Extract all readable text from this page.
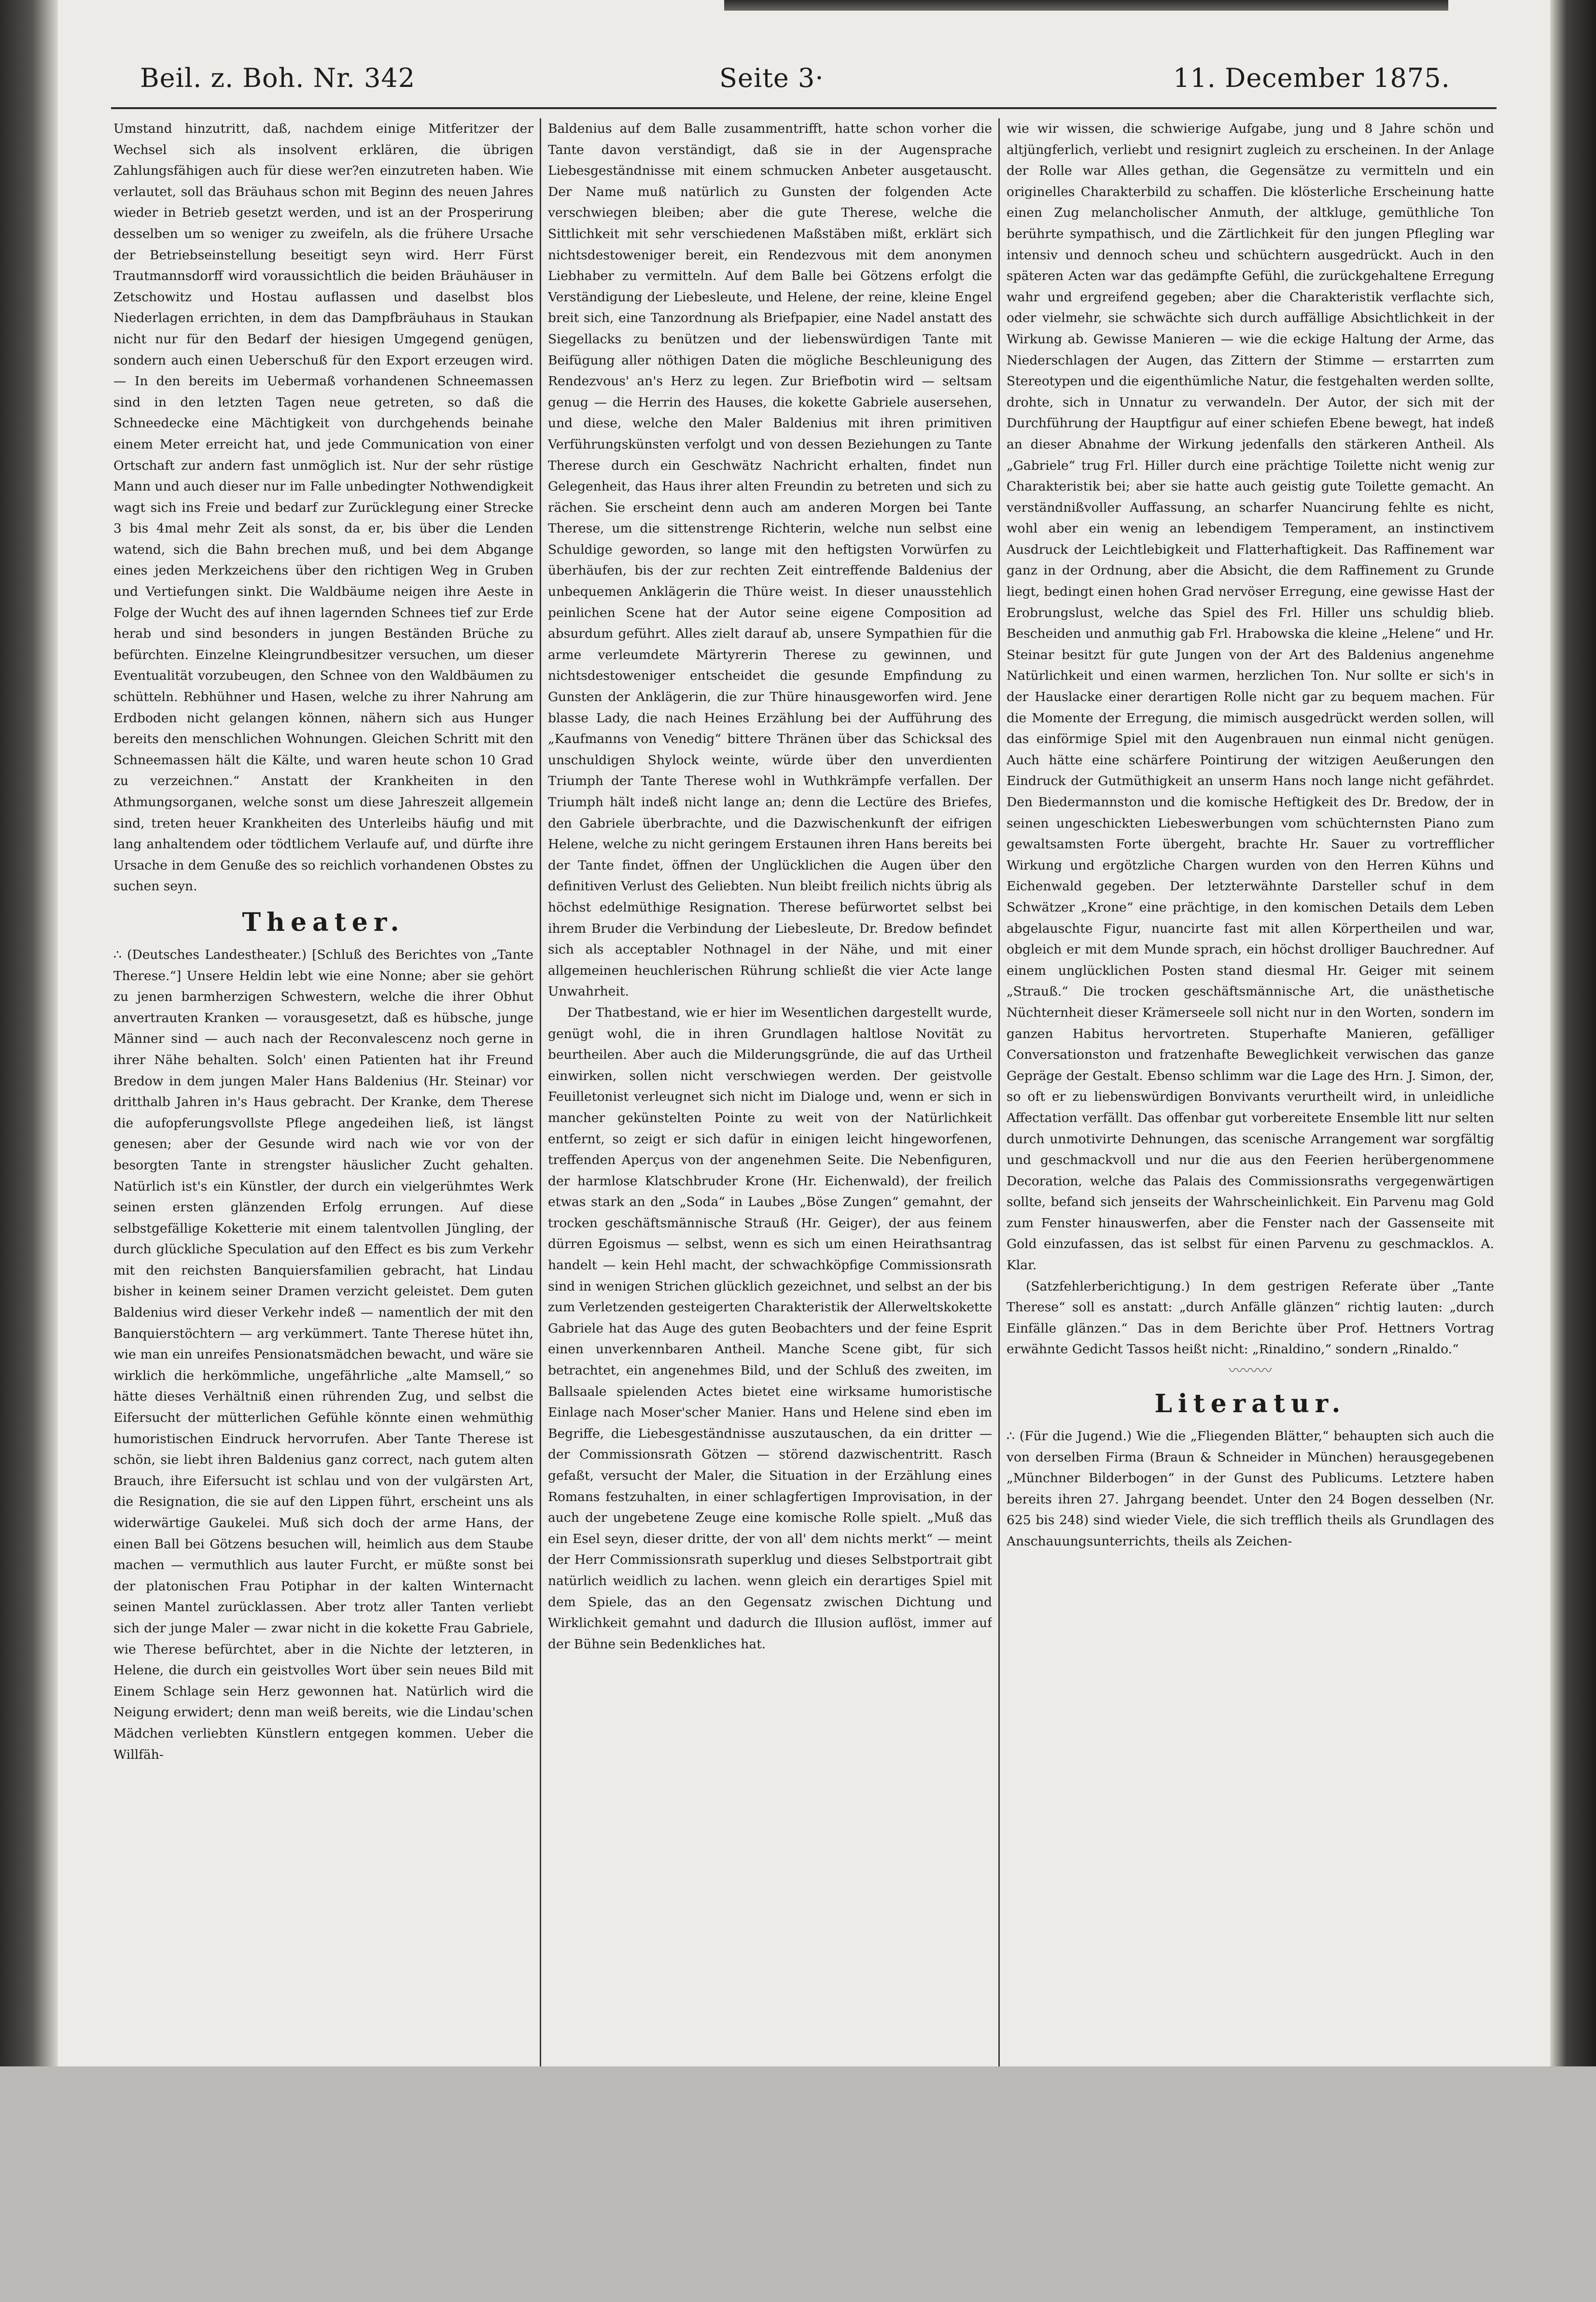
Beil. z. Boh. Nr. 342	Seite 3·	11. December 1875.

Umstand hinzutritt, daß, nachdem einige Mitferitzer der Wechsel sich als insolvent erklären, die übrigen Zahlungsfähigen auch für diese wer?en einzutreten haben. Wie verlautet, soll das Bräuhaus schon mit Beginn des neuen Jahres wieder in Betrieb gesetzt werden, und ist an der Prosperirung desselben um so weniger zu zweifeln, als die frühere Ursache der Betriebseinstellung beseitigt seyn wird. Herr Fürst Trautmannsdorff wird voraussichtlich die beiden Bräuhäuser in Zetschowitz und Hostau auflassen und daselbst blos Niederlagen errichten, in dem das Dampfbräuhaus in Staukan nicht nur für den Bedarf der hiesigen Umgegend genügen, sondern auch einen Ueberschuß für den Export erzeugen wird. — In den bereits im Uebermaß vorhandenen Schneemassen sind in den letzten Tagen neue getreten, so daß die Schneedecke eine Mächtigkeit von durchgehends beinahe einem Meter erreicht hat, und jede Communication von einer Ortschaft zur andern fast unmöglich ist. Nur der sehr rüstige Mann und auch dieser nur im Falle unbedingter Nothwendigkeit wagt sich ins Freie und bedarf zur Zurücklegung einer Strecke 3 bis 4mal mehr Zeit als sonst, da er, bis über die Lenden watend, sich die Bahn brechen muß, und bei dem Abgange eines jeden Merkzeichens über den richtigen Weg in Gruben und Vertiefungen sinkt. Die Waldbäume neigen ihre Aeste in Folge der Wucht des auf ihnen lagernden Schnees tief zur Erde herab und sind besonders in jungen Beständen Brüche zu befürchten. Einzelne Kleingrundbesitzer versuchen, um dieser Eventualität vorzubeugen, den Schnee von den Waldbäumen zu schütteln. Rebhühner und Hasen, welche zu ihrer Nahrung am Erdboden nicht gelangen können, nähern sich aus Hunger bereits den menschlichen Wohnungen. Gleichen Schritt mit den Schneemassen hält die Kälte, und waren heute schon 10 Grad zu verzeichnen.“ Anstatt der Krankheiten in den Athmungsorganen, welche sonst um diese Jahreszeit allgemein sind, treten heuer Krankheiten des Unterleibs häufig und mit lang anhaltendem oder tödtlichem Verlaufe auf, und dürfte ihre Ursache in dem Genuße des so reichlich vorhandenen Obstes zu suchen seyn.

Theater.

∴ (Deutsches Landestheater.) [Schluß des Berichtes von „Tante Therese.“] Unsere Heldin lebt wie eine Nonne; aber sie gehört zu jenen barmherzigen Schwestern, welche die ihrer Obhut anvertrauten Kranken — vorausgesetzt, daß es hübsche, junge Männer sind — auch nach der Reconvalescenz noch gerne in ihrer Nähe behalten. Solch' einen Patienten hat ihr Freund Bredow in dem jungen Maler Hans Baldenius (Hr. Steinar) vor dritthalb Jahren in's Haus gebracht. Der Kranke, dem Therese die aufopferungsvollste Pflege angedeihen ließ, ist längst genesen; aber der Gesunde wird nach wie vor von der besorgten Tante in strengster häuslicher Zucht gehalten. Natürlich ist's ein Künstler, der durch ein vielgerühmtes Werk seinen ersten glänzenden Erfolg errungen. Auf diese selbstgefällige Koketterie mit einem talentvollen Jüngling, der durch glückliche Speculation auf den Effect es bis zum Verkehr mit den reichsten Banquiersfamilien gebracht, hat Lindau bisher in keinem seiner Dramen verzicht geleistet. Dem guten Baldenius wird dieser Verkehr indeß — namentlich der mit den Banquierstöchtern — arg verkümmert. Tante Therese hütet ihn, wie man ein unreifes Pensionatsmädchen bewacht, und wäre sie wirklich die herkömmliche, ungefährliche „alte Mamsell,“ so hätte dieses Verhältniß einen rührenden Zug, und selbst die Eifersucht der mütterlichen Gefühle könnte einen wehmüthig humoristischen Eindruck hervorrufen. Aber Tante Therese ist schön, sie liebt ihren Baldenius ganz correct, nach gutem alten Brauch, ihre Eifersucht ist schlau und von der vulgärsten Art, die Resignation, die sie auf den Lippen führt, erscheint uns als widerwärtige Gaukelei. Muß sich doch der arme Hans, der einen Ball bei Götzens besuchen will, heimlich aus dem Staube machen — vermuthlich aus lauter Furcht, er müßte sonst bei der platonischen Frau Potiphar in der kalten Winternacht seinen Mantel zurücklassen. Aber trotz aller Tanten verliebt sich der junge Maler — zwar nicht in die kokette Frau Gabriele, wie Therese befürchtet, aber in die Nichte der letzteren, in Helene, die durch ein geistvolles Wort über sein neues Bild mit Einem Schlage sein Herz gewonnen hat. Natürlich wird die Neigung erwidert; denn man weiß bereits, wie die Lindau'schen Mädchen verliebten Künstlern entgegen kommen. Ueber die Willfäh-

Baldenius auf dem Balle zusammentrifft, hatte schon vorher die Tante davon verständigt, daß sie in der Augensprache Liebesgeständnisse mit einem schmucken Anbeter ausgetauscht. Der Name muß natürlich zu Gunsten der folgenden Acte verschwiegen bleiben; aber die gute Therese, welche die Sittlichkeit mit sehr verschiedenen Maßstäben mißt, erklärt sich nichtsdestoweniger bereit, ein Rendezvous mit dem anonymen Liebhaber zu vermitteln. Auf dem Balle bei Götzens erfolgt die Verständigung der Liebesleute, und Helene, der reine, kleine Engel breit sich, eine Tanzordnung als Briefpapier, eine Nadel anstatt des Siegellacks zu benützen und der liebenswürdigen Tante mit Beifügung aller nöthigen Daten die mögliche Beschleunigung des Rendezvous' an's Herz zu legen. Zur Briefbotin wird — seltsam genug — die Herrin des Hauses, die kokette Gabriele ausersehen, und diese, welche den Maler Baldenius mit ihren primitiven Verführungskünsten verfolgt und von dessen Beziehungen zu Tante Therese durch ein Geschwätz Nachricht erhalten, findet nun Gelegenheit, das Haus ihrer alten Freundin zu betreten und sich zu rächen. Sie erscheint denn auch am anderen Morgen bei Tante Therese, um die sittenstrenge Richterin, welche nun selbst eine Schuldige geworden, so lange mit den heftigsten Vorwürfen zu überhäufen, bis der zur rechten Zeit eintreffende Baldenius der unbequemen Anklägerin die Thüre weist. In dieser unausstehlich peinlichen Scene hat der Autor seine eigene Composition ad absurdum geführt. Alles zielt darauf ab, unsere Sympathien für die arme verleumdete Märtyrerin Therese zu gewinnen, und nichtsdestoweniger entscheidet die gesunde Empfindung zu Gunsten der Anklägerin, die zur Thüre hinausgeworfen wird. Jene blasse Lady, die nach Heines Erzählung bei der Aufführung des „Kaufmanns von Venedig“ bittere Thränen über das Schicksal des unschuldigen Shylock weinte, würde über den unverdienten Triumph der Tante Therese wohl in Wuthkrämpfe verfallen. Der Triumph hält indeß nicht lange an; denn die Lectüre des Briefes, den Gabriele überbrachte, und die Dazwischenkunft der eifrigen Helene, welche zu nicht geringem Erstaunen ihren Hans bereits bei der Tante findet, öffnen der Unglücklichen die Augen über den definitiven Verlust des Geliebten. Nun bleibt freilich nichts übrig als höchst edelmüthige Resignation. Therese befürwortet selbst bei ihrem Bruder die Verbindung der Liebesleute, Dr. Bredow befindet sich als acceptabler Nothnagel in der Nähe, und mit einer allgemeinen heuchlerischen Rührung schließt die vier Acte lange Unwahrheit.

Der Thatbestand, wie er hier im Wesentlichen dargestellt wurde, genügt wohl, die in ihren Grundlagen haltlose Novität zu beurtheilen. Aber auch die Milderungsgründe, die auf das Urtheil einwirken, sollen nicht verschwiegen werden. Der geistvolle Feuilletonist verleugnet sich nicht im Dialoge und, wenn er sich in mancher gekünstelten Pointe zu weit von der Natürlichkeit entfernt, so zeigt er sich dafür in einigen leicht hingeworfenen, treffenden Aperçus von der angenehmen Seite. Die Nebenfiguren, der harmlose Klatschbruder Krone (Hr. Eichenwald), der freilich etwas stark an den „Soda“ in Laubes „Böse Zungen“ gemahnt, der trocken geschäftsmännische Strauß (Hr. Geiger), der aus feinem dürren Egoismus — selbst, wenn es sich um einen Heirathsantrag handelt — kein Hehl macht, der schwachköpfige Commissionsrath sind in wenigen Strichen glücklich gezeichnet, und selbst an der bis zum Verletzenden gesteigerten Charakteristik der Allerweltskokette Gabriele hat das Auge des guten Beobachters und der feine Esprit einen unverkennbaren Antheil. Manche Scene gibt, für sich betrachtet, ein angenehmes Bild, und der Schluß des zweiten, im Ballsaale spielenden Actes bietet eine wirksame humoristische Einlage nach Moser'scher Manier. Hans und Helene sind eben im Begriffe, die Liebesgeständnisse auszutauschen, da ein dritter — der Commissionsrath Götzen — störend dazwischentritt. Rasch gefaßt, versucht der Maler, die Situation in der Erzählung eines Romans festzuhalten, in einer schlagfertigen Improvisation, in der auch der ungebetene Zeuge eine komische Rolle spielt. „Muß das ein Esel seyn, dieser dritte, der von all' dem nichts merkt“ — meint der Herr Commissionsrath superklug und dieses Selbstportrait gibt natürlich weidlich zu lachen. wenn gleich ein derartiges Spiel mit dem Spiele, das an den Gegensatz zwischen Dichtung und Wirklichkeit gemahnt und dadurch die Illusion auflöst, immer auf der Bühne sein Bedenkliches hat.

wie wir wissen, die schwierige Aufgabe, jung und 8 Jahre schön und altjüngferlich, verliebt und resignirt zugleich zu erscheinen. In der Anlage der Rolle war Alles gethan, die Gegensätze zu vermitteln und ein originelles Charakterbild zu schaffen. Die klösterliche Erscheinung hatte einen Zug melancholischer Anmuth, der altkluge, gemüthliche Ton berührte sympathisch, und die Zärtlichkeit für den jungen Pflegling war intensiv und dennoch scheu und schüchtern ausgedrückt. Auch in den späteren Acten war das gedämpfte Gefühl, die zurückgehaltene Erregung wahr und ergreifend gegeben; aber die Charakteristik verflachte sich, oder vielmehr, sie schwächte sich durch auffällige Absichtlichkeit in der Wirkung ab. Gewisse Manieren — wie die eckige Haltung der Arme, das Niederschlagen der Augen, das Zittern der Stimme — erstarrten zum Stereotypen und die eigenthümliche Natur, die festgehalten werden sollte, drohte, sich in Unnatur zu verwandeln. Der Autor, der sich mit der Durchführung der Hauptfigur auf einer schiefen Ebene bewegt, hat indeß an dieser Abnahme der Wirkung jedenfalls den stärkeren Antheil. Als „Gabriele“ trug Frl. Hiller durch eine prächtige Toilette nicht wenig zur Charakteristik bei; aber sie hatte auch geistig gute Toilette gemacht. An verständnißvoller Auffassung, an scharfer Nuancirung fehlte es nicht, wohl aber ein wenig an lebendigem Temperament, an instinctivem Ausdruck der Leichtlebigkeit und Flatterhaftigkeit. Das Raffinement war ganz in der Ordnung, aber die Absicht, die dem Raffinement zu Grunde liegt, bedingt einen hohen Grad nervöser Erregung, eine gewisse Hast der Erobrungslust, welche das Spiel des Frl. Hiller uns schuldig blieb. Bescheiden und anmuthig gab Frl. Hrabowska die kleine „Helene“ und Hr. Steinar besitzt für gute Jungen von der Art des Baldenius angenehme Natürlichkeit und einen warmen, herzlichen Ton. Nur sollte er sich's in der Hauslacke einer derartigen Rolle nicht gar zu bequem machen. Für die Momente der Erregung, die mimisch ausgedrückt werden sollen, will das einförmige Spiel mit den Augenbrauen nun einmal nicht genügen. Auch hätte eine schärfere Pointirung der witzigen Aeußerungen den Eindruck der Gutmüthigkeit an unserm Hans noch lange nicht gefährdet. Den Biedermannston und die komische Heftigkeit des Dr. Bredow, der in seinen ungeschickten Liebeswerbungen vom schüchternsten Piano zum gewaltsamsten Forte übergeht, brachte Hr. Sauer zu vortrefflicher Wirkung und ergötzliche Chargen wurden von den Herren Kühns und Eichenwald gegeben. Der letzterwähnte Darsteller schuf in dem Schwätzer „Krone“ eine prächtige, in den komischen Details dem Leben abgelauschte Figur, nuancirte fast mit allen Körpertheilen und war, obgleich er mit dem Munde sprach, ein höchst drolliger Bauchredner. Auf einem unglücklichen Posten stand diesmal Hr. Geiger mit seinem „Strauß.“ Die trocken geschäftsmännische Art, die unästhetische Nüchternheit dieser Krämerseele soll nicht nur in den Worten, sondern im ganzen Habitus hervortreten. Stuperhafte Manieren, gefälliger Conversationston und fratzenhafte Beweglichkeit verwischen das ganze Gepräge der Gestalt. Ebenso schlimm war die Lage des Hrn. J. Simon, der, so oft er zu liebenswürdigen Bonvivants verurtheilt wird, in unleidliche Affectation verfällt. Das offenbar gut vorbereitete Ensemble litt nur selten durch unmotivirte Dehnungen, das scenische Arrangement war sorgfältig und geschmackvoll und nur die aus den Feerien herübergenommene Decoration, welche das Palais des Commissionsraths vergegenwärtigen sollte, befand sich jenseits der Wahrscheinlichkeit. Ein Parvenu mag Gold zum Fenster hinauswerfen, aber die Fenster nach der Gassenseite mit Gold einzufassen, das ist selbst für einen Parvenu zu geschmacklos. A. Klar.

(Satzfehlerberichtigung.) In dem gestrigen Referate über „Tante Therese“ soll es anstatt: „durch Anfälle glänzen“ richtig lauten: „durch Einfälle glänzen.“ Das in dem Berichte über Prof. Hettners Vortrag erwähnte Gedicht Tassos heißt nicht: „Rinaldino,“ sondern „Rinaldo.“

〰〰〰
Literatur.

∴ (Für die Jugend.) Wie die „Fliegenden Blätter,“ behaupten sich auch die von derselben Firma (Braun & Schneider in München) herausgegebenen „Münchner Bilderbogen“ in der Gunst des Publicums. Letztere haben bereits ihren 27. Jahrgang beendet. Unter den 24 Bogen desselben (Nr. 625 bis 248) sind wieder Viele, die sich trefflich theils als Grundlagen des Anschauungsunterrichts, theils als Zeichen-
